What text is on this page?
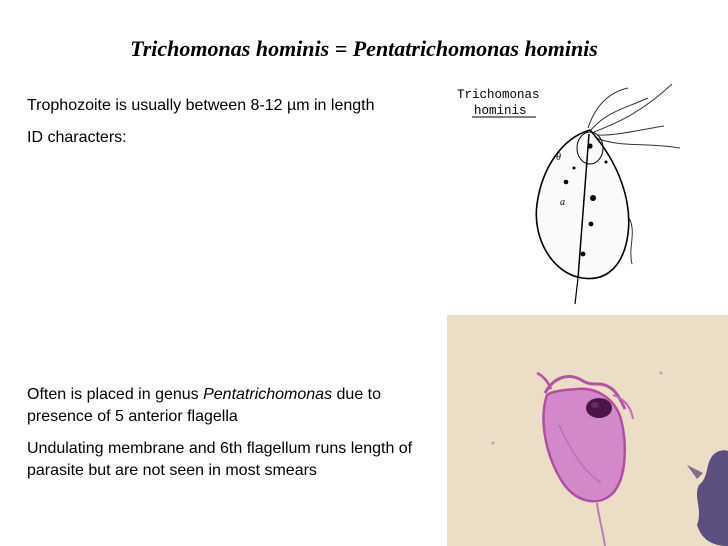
Trichomonas hominis = Pentatrichomonas hominis

Trophozoite is usually between 8-12 µm in length

ID characters:

Often is placed in genus Pentatrichomonas due to presence of 5 anterior flagella

Undulating membrane and 6th flagellum runs length of parasite but are not seen in most smears

Trichomonas
hominis
θ
a
